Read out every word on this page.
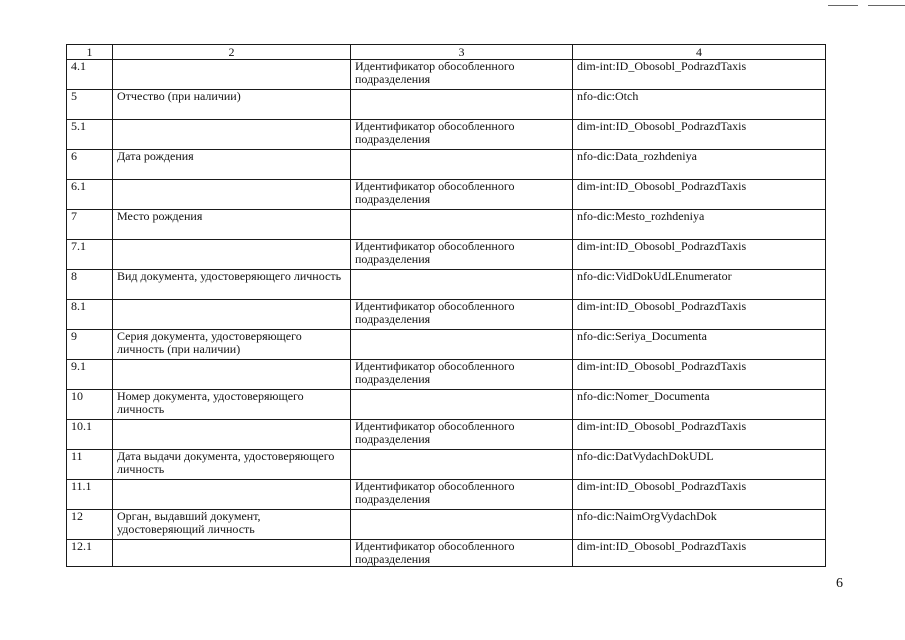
1	2	3	4
4.1		Идентификатор обособленного подразделения	dim-int:ID_Obosobl_PodrazdTaxis
5	Отчество (при наличии)		nfo-dic:Otch
5.1		Идентификатор обособленного подразделения	dim-int:ID_Obosobl_PodrazdTaxis
6	Дата рождения		nfo-dic:Data_rozhdeniya
6.1		Идентификатор обособленного подразделения	dim-int:ID_Obosobl_PodrazdTaxis
7	Место рождения		nfo-dic:Mesto_rozhdeniya
7.1		Идентификатор обособленного подразделения	dim-int:ID_Obosobl_PodrazdTaxis
8	Вид документа, удостоверяющего личность		nfo-dic:VidDokUdLEnumerator
8.1		Идентификатор обособленного подразделения	dim-int:ID_Obosobl_PodrazdTaxis
9	Серия документа, удостоверяющего личность (при наличии)		nfo-dic:Seriya_Documenta
9.1		Идентификатор обособленного подразделения	dim-int:ID_Obosobl_PodrazdTaxis
10	Номер документа, удостоверяющего личность		nfo-dic:Nomer_Documenta
10.1		Идентификатор обособленного подразделения	dim-int:ID_Obosobl_PodrazdTaxis
11	Дата выдачи документа, удостоверяющего личность		nfo-dic:DatVydachDokUDL
11.1		Идентификатор обособленного подразделения	dim-int:ID_Obosobl_PodrazdTaxis
12	Орган, выдавший документ, удостоверяющий личность		nfo-dic:NaimOrgVydachDok
12.1		Идентификатор обособленного подразделения	dim-int:ID_Obosobl_PodrazdTaxis
6
